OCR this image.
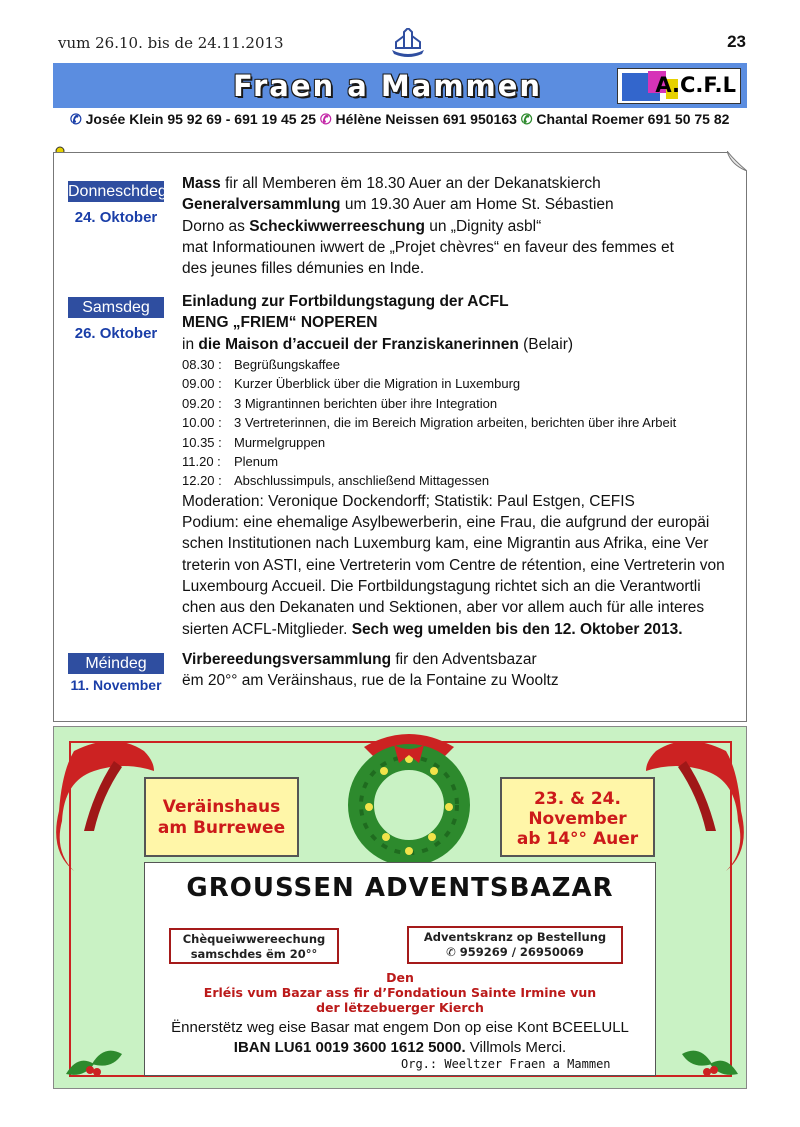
vum 26.10. bis de 24.11.2013	23
Fraen a Mammen	A.C.F.L
✆ Josée Klein 95 92 69 - 691 19 45 25 ✆ Hélène Neissen 691 950163 ✆ Chantal Roemer 691 50 75 82
Donneschdeg
24. Oktober
Mass fir all Memberen ëm 18.30 Auer an der Dekanatskierch
Generalversammlung um 19.30 Auer am Home St. Sébastien
Dorno as Scheckiwwerreeschung un „Dignity asbl“
mat Informatiounen iwwert de „Projet chèvres“ en faveur des femmes et
des jeunes filles démunies en Inde.
Samsdeg
26. Oktober
Einladung zur Fortbildungstagung der ACFL
MENG „FRIEM“ NOPEREN
in die Maison d’accueil der Franziskanerinnen (Belair)
08.30 : Begrüßungskaffee
09.00 : Kurzer Überblick über die Migration in Luxemburg
09.20 : 3 Migrantinnen berichten über ihre Integration
10.00 : 3 Vertreterinnen, die im Bereich Migration arbeiten, berichten über ihre Arbeit
10.35 : Murmelgruppen
11.20 : Plenum
12.20 : Abschlussimpuls, anschließend Mittagessen
Moderation: Veronique Dockendorff; Statistik: Paul Estgen, CEFIS
Podium: eine ehemalige Asylbewerberin, eine Frau, die aufgrund der europäi
schen Institutionen nach Luxemburg kam, eine Migrantin aus Afrika, eine Ver
treterin von ASTI, eine Vertreterin vom Centre de rétention, eine Vertreterin von
Luxembourg Accueil. Die Fortbildungstagung richtet sich an die Verantwortli
chen aus den Dekanaten und Sektionen, aber vor allem auch für alle interes
sierten ACFL-Mitglieder. Sech weg umelden bis den 12. Oktober 2013.
Méindeg
11. November
Virbereedungsversammlung fir den Adventsbazar
ëm 20°° am Veräinshaus, rue de la Fontaine zu Wooltz
Veräinshaus
am Burrewee
23. & 24.
November
ab 14°° Auer
GROUSSEN ADVENTSBAZAR
Chèqueiwwereechung
samschdes ëm 20°°
Adventskranz op Bestellung
✆ 959269 / 26950069
Den
Erléis vum Bazar ass fir d’Fondatioun Sainte Irmine vun
der lëtzebuerger Kierch
Ënnerstëtz weg eise Basar mat engem Don op eise Kont BCEELULL
IBAN LU61 0019 3600 1612 5000. Villmols Merci.
Org.: Weeltzer Fraen a Mammen
